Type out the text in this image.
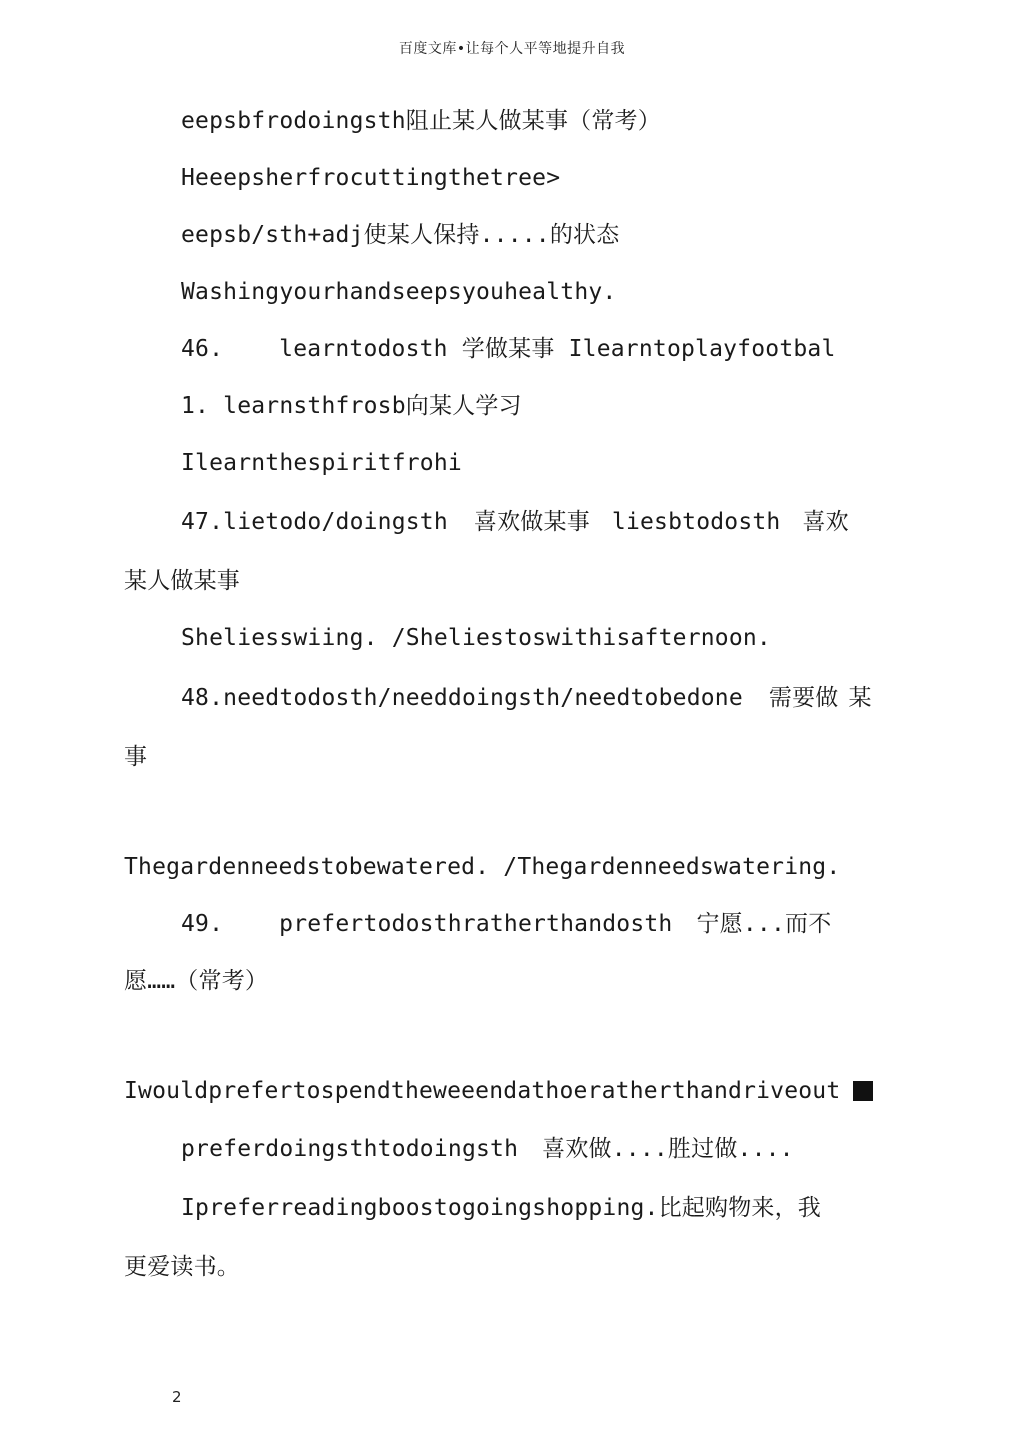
百度文库•让每个人平等地提升自我
eepsbfrodoingsth阻止某人做某事（常考）
Heeepsherfrocuttingthetree>
eepsb/sth+adj使某人保持.....的状态
Washingyourhandseepsyouhealthy.
46. learntodosth 学做某事 Ilearntoplayfootbal
1. learnsthfrosb向某人学习
Ilearnthespiritfrohi
47.lietodo/doingsth 喜欢做某事 liesbtodosth 喜欢
某人做某事
Sheliesswiing. /Sheliestoswithisafternoon.
48.needtodosth/needdoingsth/needtobedone 需要做 某
事
Thegardenneedstobewatered. /Thegardenneedswatering.
49. prefertodosthratherthandosth 宁愿...而不
愿……（常考）
Iwouldprefertospendtheweeendathoeratherthandriveout
preferdoingsthtodoingsth 喜欢做....胜过做....
Ipreferreadingboostogoingshopping.比起购物来，我
更爱读书。
2
